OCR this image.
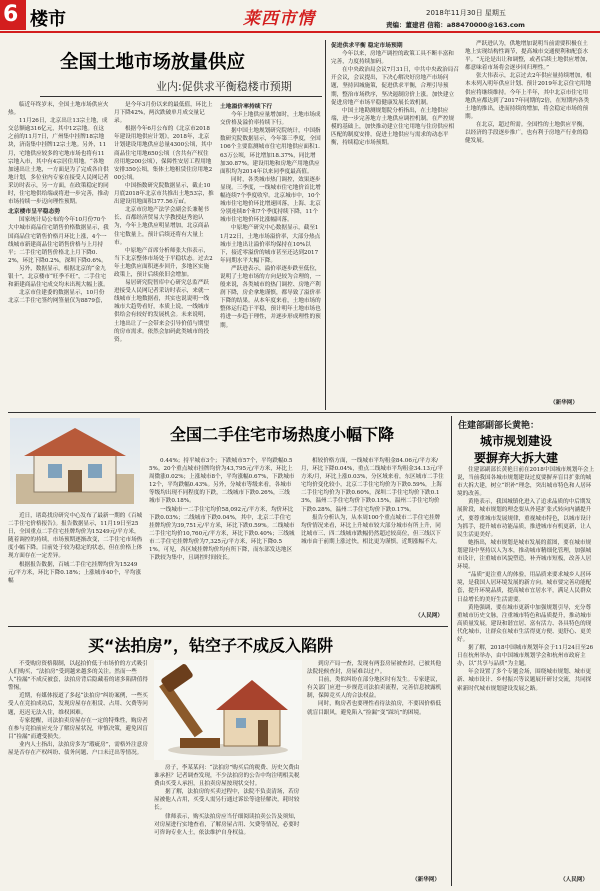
6 楼市	莱西市情	2018年11月30日 星期五
责编：董建君 信箱：a88470000@163.com
全国土地市场放量供应
业内:促供求平衡稳楼市预期

临近年终岁末，全国土地市场供应火热。

11月26日，北京出让13宗土地，成交总额逾316亿元，其中12宗地。在这之前的11月7日，广州集中挂牌18宗地块，济南集中挂牌12宗土地。另外，11月，宅地供应较多的宅地市场也将有11宗地入市，其中有4宗居住用地。“各地加速出让土地，一方面是为了完成各自供地计划，多位业内专家在接受人民网记者采访时表示，另一方面，在政策稳定的同时，住宅地供给端或将进一步完善，推动市场持续一步迈向理性预期。

北京楼市呈平稳态势

国家统计局公布的今年10月份70个大中城市商品住宅销售价格数据显示，我国商品住宅销售价格月环比上涨，4个一线城市新建商品住宅销售价格与上月持平；二手住宅销售价格北上月下降0.2%，环比下降0.2%，深圳下降0.6%。

另外，数据显示，根据北京的“金九银十”，北京楼市“旺季不旺”，二手住宅和新建商品住宅成交均未出现大幅上涨。

北京市住建委的数据显示，10月份北京二手住宅签约网签量仅为8879套，

是今年3月份以来的最低值，环比上月下降42%，两次跌破单月成交量记录。

根据今年6月公布的《北京市2018年建设用地供应计划》，2018年，北京计划建设用地供应总量4300公顷，其中商品住宅用地650公顷（含共有产权住房用地200公顷），保障性安居工程用地安排350公顷，集体土地租赁住房用地200公顷。

中国指数研究院数据显示，截止10月底2018年北京市共推出土地53宗，推出建设用地面积377.56万㎡。

北京市房地产法学会副会长兼秘书长、首都经济贸易大学教授赵秀池认为，今年上地供应明显增加，北京商品住宅数量上，预计后续还将有大量上市。

中原地产首席分析师张大伟表示，当下北京整体市场处于平稳状态。过去2年土地供应面积逐步回升，多地区实施政策上，预计后续依旧会增加。

易居研究院智库中心研究总监严跃进接受人民网记者采访时表示，来就一线城市土地数据看，其实也说说明一线城市大趋势看好，本质上说，一线城市供给会有较好的发展机会。未来说明，土地出让了一会带来会引导价值与期望的房市需求。依然会加码此类城市的投资。

土地溢价率持续下行

今年上地供应量增加时，土地市场成交价格及溢价率持续下行。

据中国土地规划研究院统计，中国指数研究院数据显示，今年第三季度，全国106个主要监测城市住宅用地供应面积1.63万公顷，环比增加18.37%，同比增加30.87%。建设用地和房地产用地供应面积均为2014年以来同季度最高值。

同时，各类城市热门调控，效果逐步显现。三季度，一线城市住宅地价首比增幅连续7个季度收窄。北京城市中，10个城市住宅地价环比增速回落，上海、北京分别连续8个和7个季度持续下降，11个城市住宅地价环比涨幅回落。

中原地产研究中心数据显示，截至11月22日，土地市场溢价率，大部分热点城市土地出让溢价率均保持在10%以下，接近零溢价的城市甚至还达到2017年同期水平大幅下降。

严跃进表示，溢价率逐步跌至低位，说明了土地市场的方向是较为合理的，一般来说，各类城市的热门调控、房地产利润下降，房企拿地谨慎，都导致了溢价率下降的结果。从本年度来看，土地市场的整体运行趋于平稳，预计明年土地市场也将进一步趋于理性，并逐步形成理性的预期。

促进供求平衡 稳定市场预期

今年以来，房地产调控的政策工具不断丰富和完善，力度持续加码。

在中央政治局会议7月31日，中共中央政治局召开会议，会议提出，下决心解决好房地产市场问题，坚持因城施策，促进供求平衡，合理引导预期，整治市场秩序，坚决遏制房价上涨。加快建立促进房地产市场平稳健康发展长效机制。

中国土地勘测规划院分析指出，在土地供应端，进一步完善地方土地供应调控机制。在严控规模的基础上，加快推动建立住宅用地与住房供应相匹配的制度安排，促进土地供应与需求的动态平衡，持续稳定市场预期。

严跃进认为，供地增加说明当前需要积极在土地上实现结构性调节，提高城市交通便利和配套水平。“无论是出让和调整，或者后续土地供应增加，都意味着市场将会逐步回归理性。”

张大伟表示，北京过去2年供应量持续增加，根本未列入明年供应计划、预计2019年北京住宅用地供应将继续维持。今年上半年，其中北京市住宅用地供应都达到了2017年同期的2倍，在短期内各类土地的推出，进而持续的增加，将会稳定市场的预期。

在北京，超过所需。全国性的土地供应平衡，以经济的手段逐步推广，也有利于房地产行业的稳健发展。

（新华网）
全国二手住宅市场热度小幅下降

近日，诸葛找房研究中心发布了最新一期的《百城二手住宅价格报告》。报告数据显示，11月19日至25日，全国重点二手住宅挂牌均价为15249元/平方米，随着调控的持续，市场预期逐渐改变，二手住宅市场热度小幅下降。目前处于较为稳定的状态，但在价格上体现方面存在一定差异。

根据报告数据，百城二手住宅挂牌均价为15249元/平方米，环比下降0.18%；上涨城市40个，平均涨幅

0.44%；持平城市3个；下跌城市57个，平均跌幅0.55%。20个重点城市挂牌均价为43,795元/平方米，环比上周微涨0.02%；上涨城市8个，平均涨幅0.67%，下跌城市12个，平均跌幅0.43%。另外，分城市等级来看，各城市等级均出现不同程度的下跌，二线城市下跌0.26%，三线城市下跌0.18%。

一线城市一二手住宅均价58,092元/平方米，均价环比下跌0.03%；二线城市下跌0.04%，其中，北京二手住宅挂牌均价为39,751元/平方米，环比下跌0.59%。二线城市二手住宅均价10,760元/平方米，环比下跌0.40%；三线城市二手住宅挂牌均价为7,325元/平方米，环比下降0.51%。可见，各区域挂牌均价均有所下降，而东部发达地区下跌较为集中，且调控时间较长。

相较价格方面，一线城市平均租金84.06元/平方米/月，环比下降0.04%，重点二线城市平均租金34.13元/平方米/月，环比上涨0.03%，分区域来看，东区城市二手住宅均价变化较小，北京二手住宅均价为下跌0.59%，上海二手住宅均价为下跌0.60%，深圳二手住宅均价下跌0.13%，温州二手住宅均价下跌0.15%，温州二手住宅均价下跌0.28%，温州二手住宅均价下跌0.17%。

报告分析认为，从本周100个重点城市二手住宅挂牌均价情况来看，环比上升城市较大部分城市有所上升，同比城市三、四二线城市跌幅仍然超过较高位，但三线以下城市由于前期上涨过快，相比更为谨慎，近期涨幅不大。

（人民网）
住建部副部长黄艳：
城市规划建设
要摒弃大拆大建

住建部副部长黄艳日前在2018中国城市规划年会上说，当前我国各城市规划建设过度要摒弃盲目扩张的城市大拆大建，树立“织补”理念，突出城市特色和人居环境的改善。

黄艳表示，我国城镇化进入了追求品质的中后期发展阶段，城市规划的理念要从外延扩张式转向内涵提升式，要尊重城市发展规律，重视城市特色，以城市设计为抓手，提升城市功能品质，推进城市有机更新，让人民生活更美好。

她指出，城市规划是城市发展的蓝图，要在城市规划建设中坚持以人为本，推动城市精细化管理，加强城市设计，注重城市风貌塑造，补齐城市短板，改善人居环境。

“品质”更注重人的体验，用品质来要求城乡人居环境，是我国人居环境发展的新方向。城市要完善功能配套，提升环境品质，提高城市宜居水平，满足人民群众日益增长的美好生活需要。

黄艳强调，要在城市更新中加强规划引导，充分尊重城市历史文脉，注重城市特色和品质提升，推动城市高质量发展，建设和谐宜居、富有活力、各具特色的现代化城市，让群众在城市生活得更方便、更舒心、更美好。

据了解，2018中国城市规划年会于11月24日至26日在杭州举办，由中国城市规划学会和杭州市政府主办，以“共享与品质”为主题。

年会设置了多个专题会场，围绕城市规划、城市更新、城市设计、乡村振兴等议题展开研讨交流，共同探索新时代城市规划建设发展之路。

（人民网）
买“法拍房”，钻空子不成反入陷阱

不受购房资格限制，以起拍价低于市场价的方式吸引人们购买，“法拍房”受到越来越多的关注。然而一些人“捡漏”不成反被套，法拍房背后隐藏着的诸多陷阱值得警惕。

近期，有媒体报道了多起“法拍房”纠纷案例，一些买受人在竞拍成功后，发现房屋存在租赁、占用、欠费等问题，迟迟无法入住，维权困难。

专家提醒，司法拍卖房屋存在一定的特殊性，购房者在参与竞拍前应充分了解房屋状况，审慎决策，避免因盲目“捡漏”而遭受损失。

业内人士指出，法拍房多为“瑕疵房”，需格外注意房屋是否存在产权纠纷、债务问题、户口未迁出等情况。

房子，李某某问：“法拍房”购买后的税费、历史欠费由谁承担？记者调查发现，不少法拍房的公告中均注明相关税费由买受人承担，且拍卖房屋按现状交付。

据了解，法拍房的买卖过程中，法院不负责清场，若房屋被他人占用，买受人需另行通过诉讼等途径解决，耗时较长。

律师表示，购买法拍房应当仔细阅读拍卖公告及须知，对房屋进行实地查看，了解房屋占用、欠费等情况，必要时可咨询专业人士，依法维护自身权益。

到房产局一查，发现有两套房屋被查封，已被其他法院轮候查封，房屋难以过户。

目前，类似纠纷在部分地区时有发生。专家建议，有关部门应进一步规范司法拍卖流程，完善信息披露机制，保障竞买人的合法权益。

同时，购房者也要理性看待法拍房，不要因价格低就盲目跟风，避免陷入“捡漏”变“踩坑”的困境。

（新华网）
